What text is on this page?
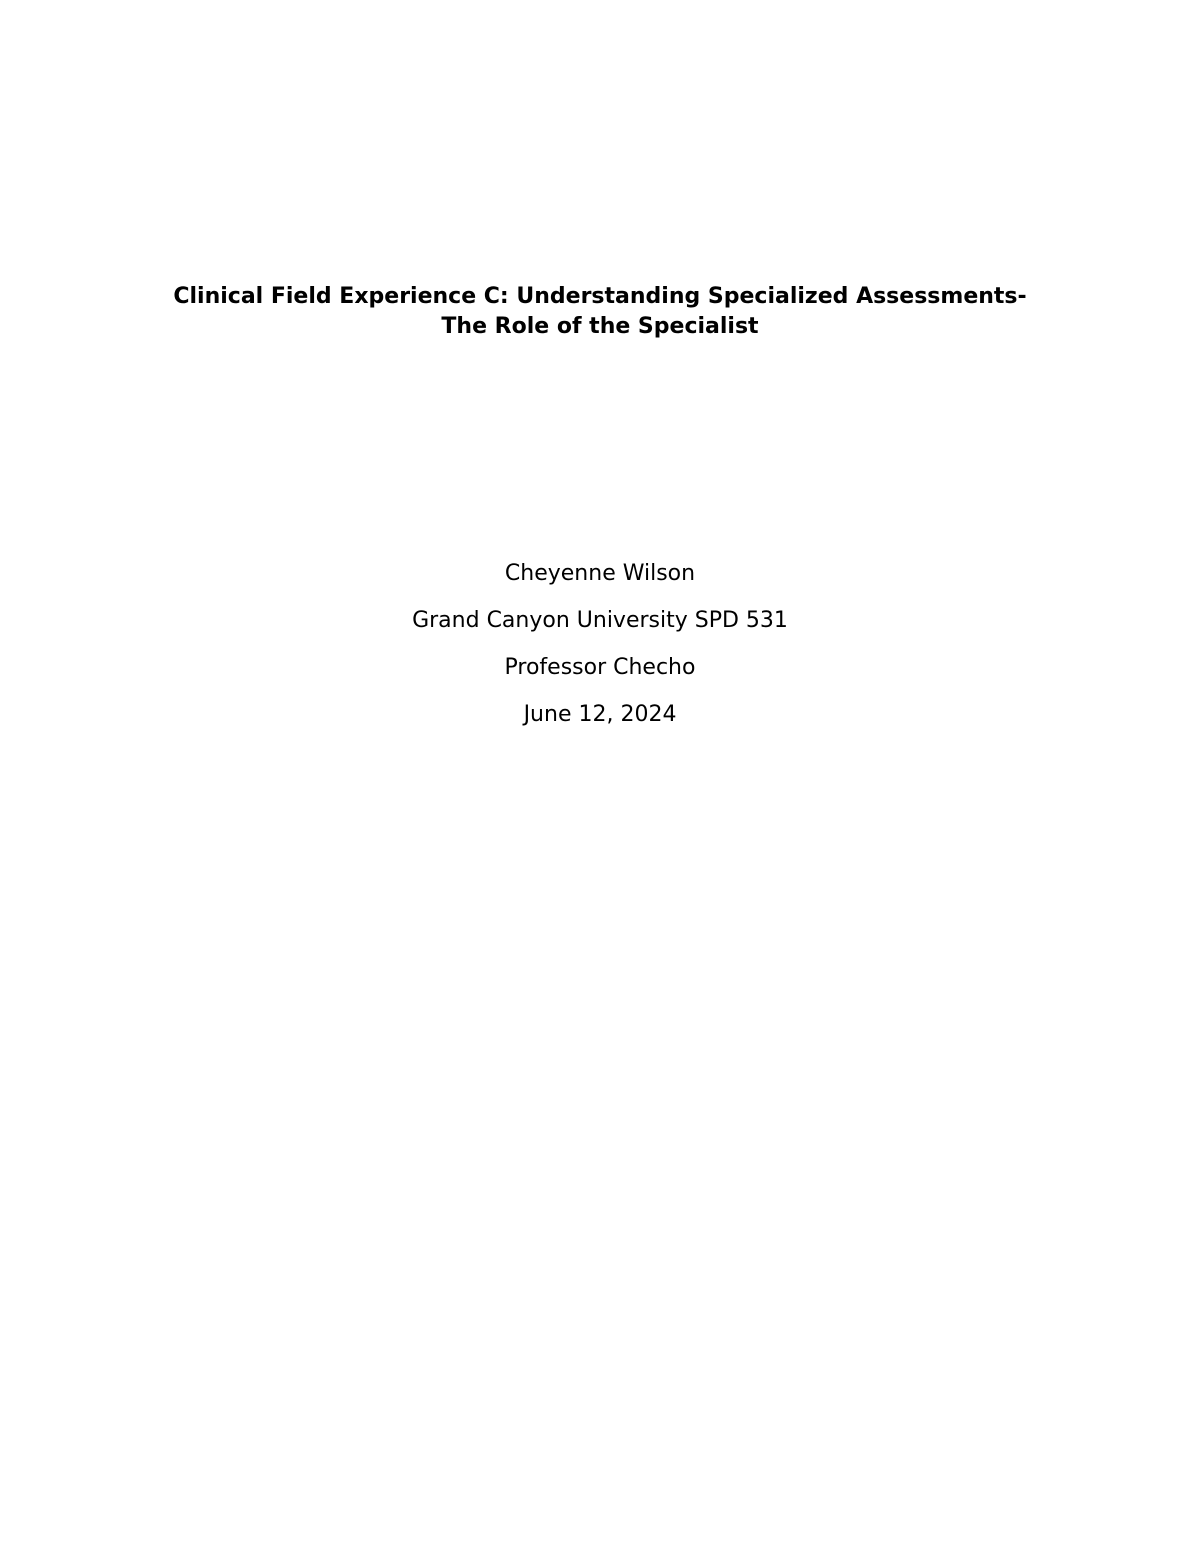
Clinical Field Experience C: Understanding Specialized Assessments-
The Role of the Specialist
Cheyenne Wilson
Grand Canyon University SPD 531
Professor Checho
June 12, 2024
